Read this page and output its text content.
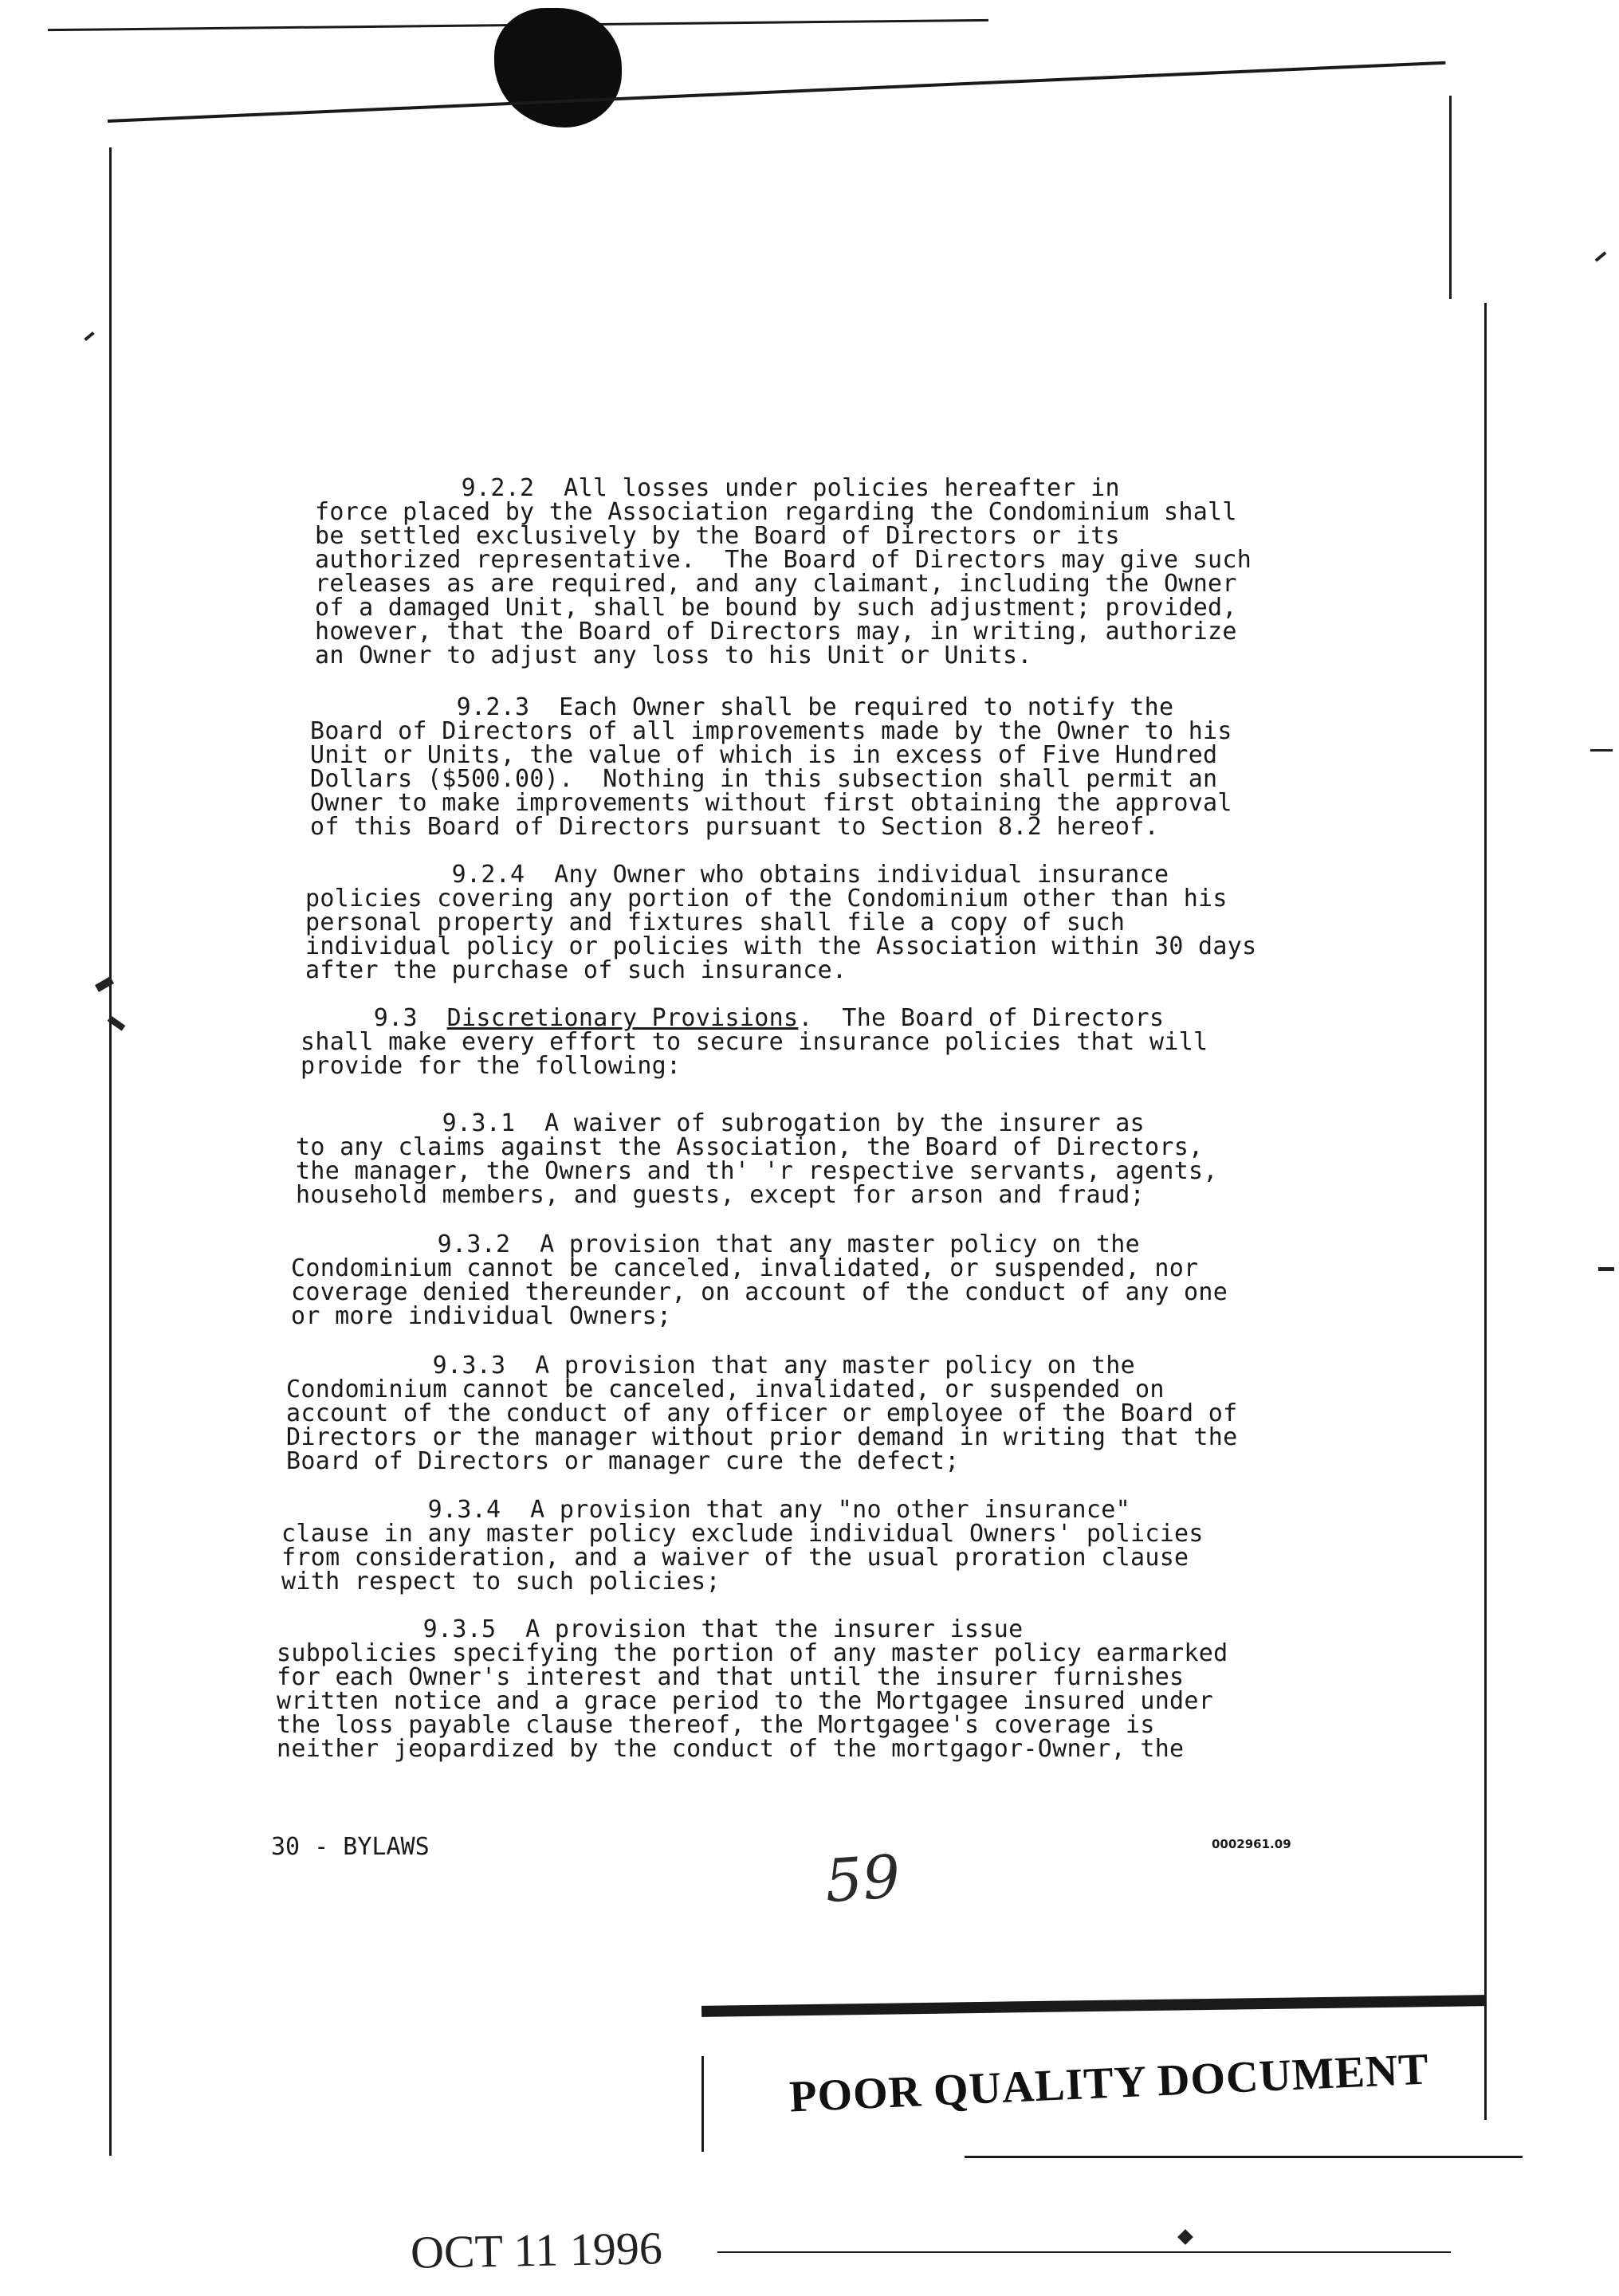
9.2.2  All losses under policies hereafter in
force placed by the Association regarding the Condominium shall
be settled exclusively by the Board of Directors or its
authorized representative.  The Board of Directors may give such
releases as are required, and any claimant, including the Owner
of a damaged Unit, shall be bound by such adjustment; provided,
however, that the Board of Directors may, in writing, authorize
an Owner to adjust any loss to his Unit or Units.
9.2.3  Each Owner shall be required to notify the
Board of Directors of all improvements made by the Owner to his
Unit or Units, the value of which is in excess of Five Hundred
Dollars ($500.00).  Nothing in this subsection shall permit an
Owner to make improvements without first obtaining the approval
of this Board of Directors pursuant to Section 8.2 hereof.
9.2.4  Any Owner who obtains individual insurance
policies covering any portion of the Condominium other than his
personal property and fixtures shall file a copy of such
individual policy or policies with the Association within 30 days
after the purchase of such insurance.
9.3  Discretionary Provisions.  The Board of Directors
shall make every effort to secure insurance policies that will
provide for the following:
9.3.1  A waiver of subrogation by the insurer as
to any claims against the Association, the Board of Directors,
the manager, the Owners and th' 'r respective servants, agents,
household members, and guests, except for arson and fraud;
9.3.2  A provision that any master policy on the
Condominium cannot be canceled, invalidated, or suspended, nor
coverage denied thereunder, on account of the conduct of any one
or more individual Owners;
9.3.3  A provision that any master policy on the
Condominium cannot be canceled, invalidated, or suspended on
account of the conduct of any officer or employee of the Board of
Directors or the manager without prior demand in writing that the
Board of Directors or manager cure the defect;
9.3.4  A provision that any "no other insurance"
clause in any master policy exclude individual Owners' policies
from consideration, and a waiver of the usual proration clause
with respect to such policies;
9.3.5  A provision that the insurer issue
subpolicies specifying the portion of any master policy earmarked
for each Owner's interest and that until the insurer furnishes
written notice and a grace period to the Mortgagee insured under
the loss payable clause thereof, the Mortgagee's coverage is
neither jeopardized by the conduct of the mortgagor-Owner, the
30 - BYLAWS	0002961.09
59
POOR QUALITY DOCUMENT
OCT 11 1996
